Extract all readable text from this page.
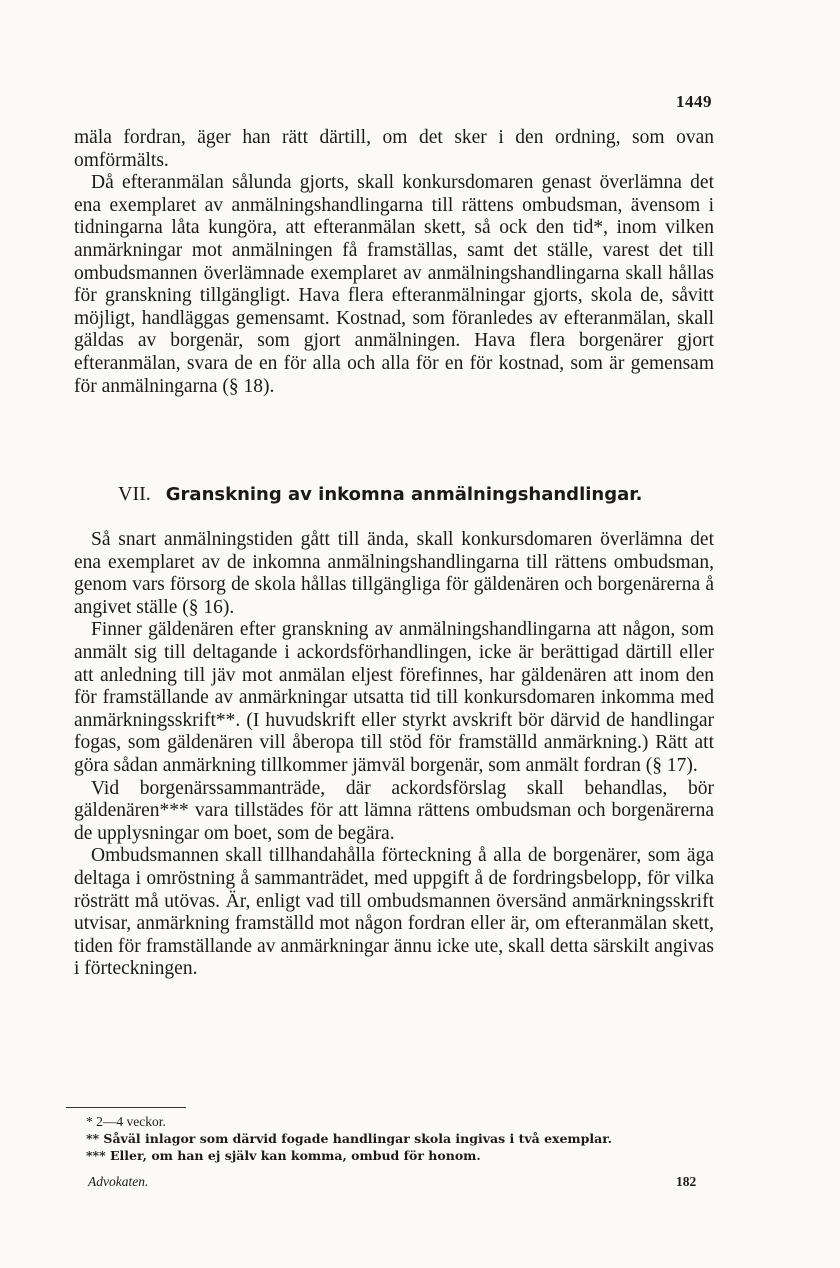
1449

mäla fordran, äger han rätt därtill, om det sker i den ordning, som ovan omförmälts.

Då efteranmälan sålunda gjorts, skall konkursdomaren genast överlämna det ena exemplaret av anmälningshandlingarna till rättens ombudsman, ävensom i tidningarna låta kungöra, att efteranmälan skett, så ock den tid*, inom vilken anmärkningar mot anmälningen få framställas, samt det ställe, varest det till ombudsmannen överlämnade exemplaret av anmälningshandlingarna skall hållas för granskning tillgängligt. Hava flera efteranmälningar gjorts, skola de, såvitt möjligt, handläggas gemensamt. Kostnad, som föranledes av efteranmälan, skall gäldas av borgenär, som gjort anmälningen. Hava flera borgenärer gjort efteranmälan, svara de en för alla och alla för en för kostnad, som är gemensam för anmälningarna (§ 18).

VII. Granskning av inkomna anmälningshandlingar.

Så snart anmälningstiden gått till ända, skall konkursdomaren överlämna det ena exemplaret av de inkomna anmälningshandlingarna till rättens ombudsman, genom vars försorg de skola hållas tillgängliga för gäldenären och borgenärerna å angivet ställe (§ 16).

Finner gäldenären efter granskning av anmälningshandlingarna att någon, som anmält sig till deltagande i ackordsförhandlingen, icke är berättigad därtill eller att anledning till jäv mot anmälan eljest förefinnes, har gäldenären att inom den för framställande av anmärkningar utsatta tid till konkursdomaren inkomma med anmärkningsskrift**. (I huvudskrift eller styrkt avskrift bör därvid de handlingar fogas, som gäldenären vill åberopa till stöd för framställd anmärkning.) Rätt att göra sådan anmärkning tillkommer jämväl borgenär, som anmält fordran (§ 17).

Vid borgenärssammanträde, där ackordsförslag skall behandlas, bör gäldenären*** vara tillstädes för att lämna rättens ombudsman och borgenärerna de upplysningar om boet, som de begära.

Ombudsmannen skall tillhandahålla förteckning å alla de borgenärer, som äga deltaga i omröstning å sammanträdet, med uppgift å de fordringsbelopp, för vilka rösträtt må utövas. Är, enligt vad till ombudsmannen översänd anmärkningsskrift utvisar, anmärkning framställd mot någon fordran eller är, om efteranmälan skett, tiden för framställande av anmärkningar ännu icke ute, skall detta särskilt angivas i förteckningen.

* 2—4 veckor.
** Såväl inlagor som därvid fogade handlingar skola ingivas i två exemplar.
*** Eller, om han ej själv kan komma, ombud för honom.
Advokaten.	182
